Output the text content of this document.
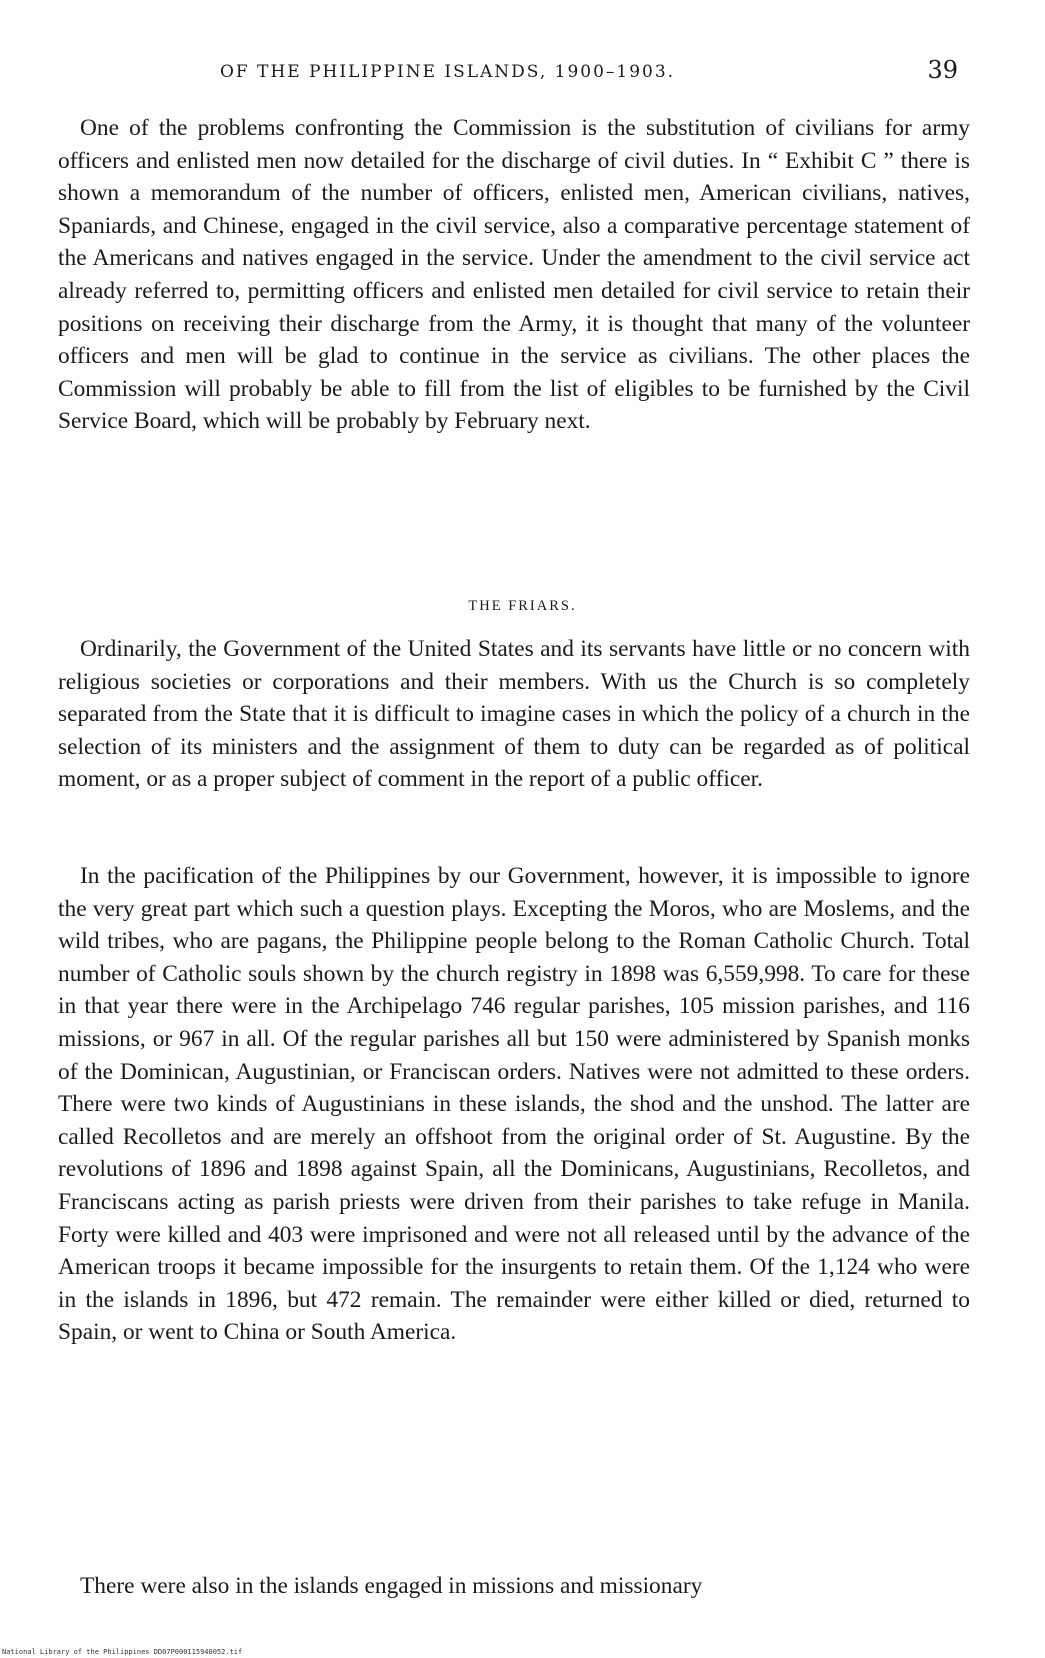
OF THE PHILIPPINE ISLANDS, 1900–1903.	39

One of the problems confronting the Commission is the substitution of civilians for army officers and enlisted men now detailed for the discharge of civil duties. In “ Exhibit C ” there is shown a memorandum of the number of officers, enlisted men, American civilians, natives, Spaniards, and Chinese, engaged in the civil service, also a comparative percentage statement of the Americans and natives engaged in the service. Under the amendment to the civil service act already referred to, permitting officers and enlisted men detailed for civil service to retain their positions on receiving their discharge from the Army, it is thought that many of the volunteer officers and men will be glad to continue in the service as civilians. The other places the Commission will probably be able to fill from the list of eligibles to be furnished by the Civil Service Board, which will be probably by February next.

THE FRIARS.

Ordinarily, the Government of the United States and its servants have little or no concern with religious societies or corporations and their members. With us the Church is so completely separated from the State that it is difficult to imagine cases in which the policy of a church in the selection of its ministers and the assignment of them to duty can be regarded as of political moment, or as a proper subject of comment in the report of a public officer.

In the pacification of the Philippines by our Government, however, it is impossible to ignore the very great part which such a question plays. Excepting the Moros, who are Moslems, and the wild tribes, who are pagans, the Philippine people belong to the Roman Catholic Church. Total number of Catholic souls shown by the church registry in 1898 was 6,559,998. To care for these in that year there were in the Archipelago 746 regular parishes, 105 mission parishes, and 116 missions, or 967 in all. Of the regular parishes all but 150 were administered by Spanish monks of the Dominican, Augustinian, or Franciscan orders. Natives were not admitted to these orders. There were two kinds of Augustinians in these islands, the shod and the unshod. The latter are called Recolletos and are merely an offshoot from the original order of St. Augustine. By the revolutions of 1896 and 1898 against Spain, all the Dominicans, Augustinians, Recolletos, and Franciscans acting as parish priests were driven from their parishes to take refuge in Manila. Forty were killed and 403 were imprisoned and were not all released until by the advance of the American troops it became impossible for the insurgents to retain them. Of the 1,124 who were in the islands in 1896, but 472 remain. The remainder were either killed or died, returned to Spain, or went to China or South America.

There were also in the islands engaged in missions and missionary

National Library of the Philippines DD07P000115940052.tif
